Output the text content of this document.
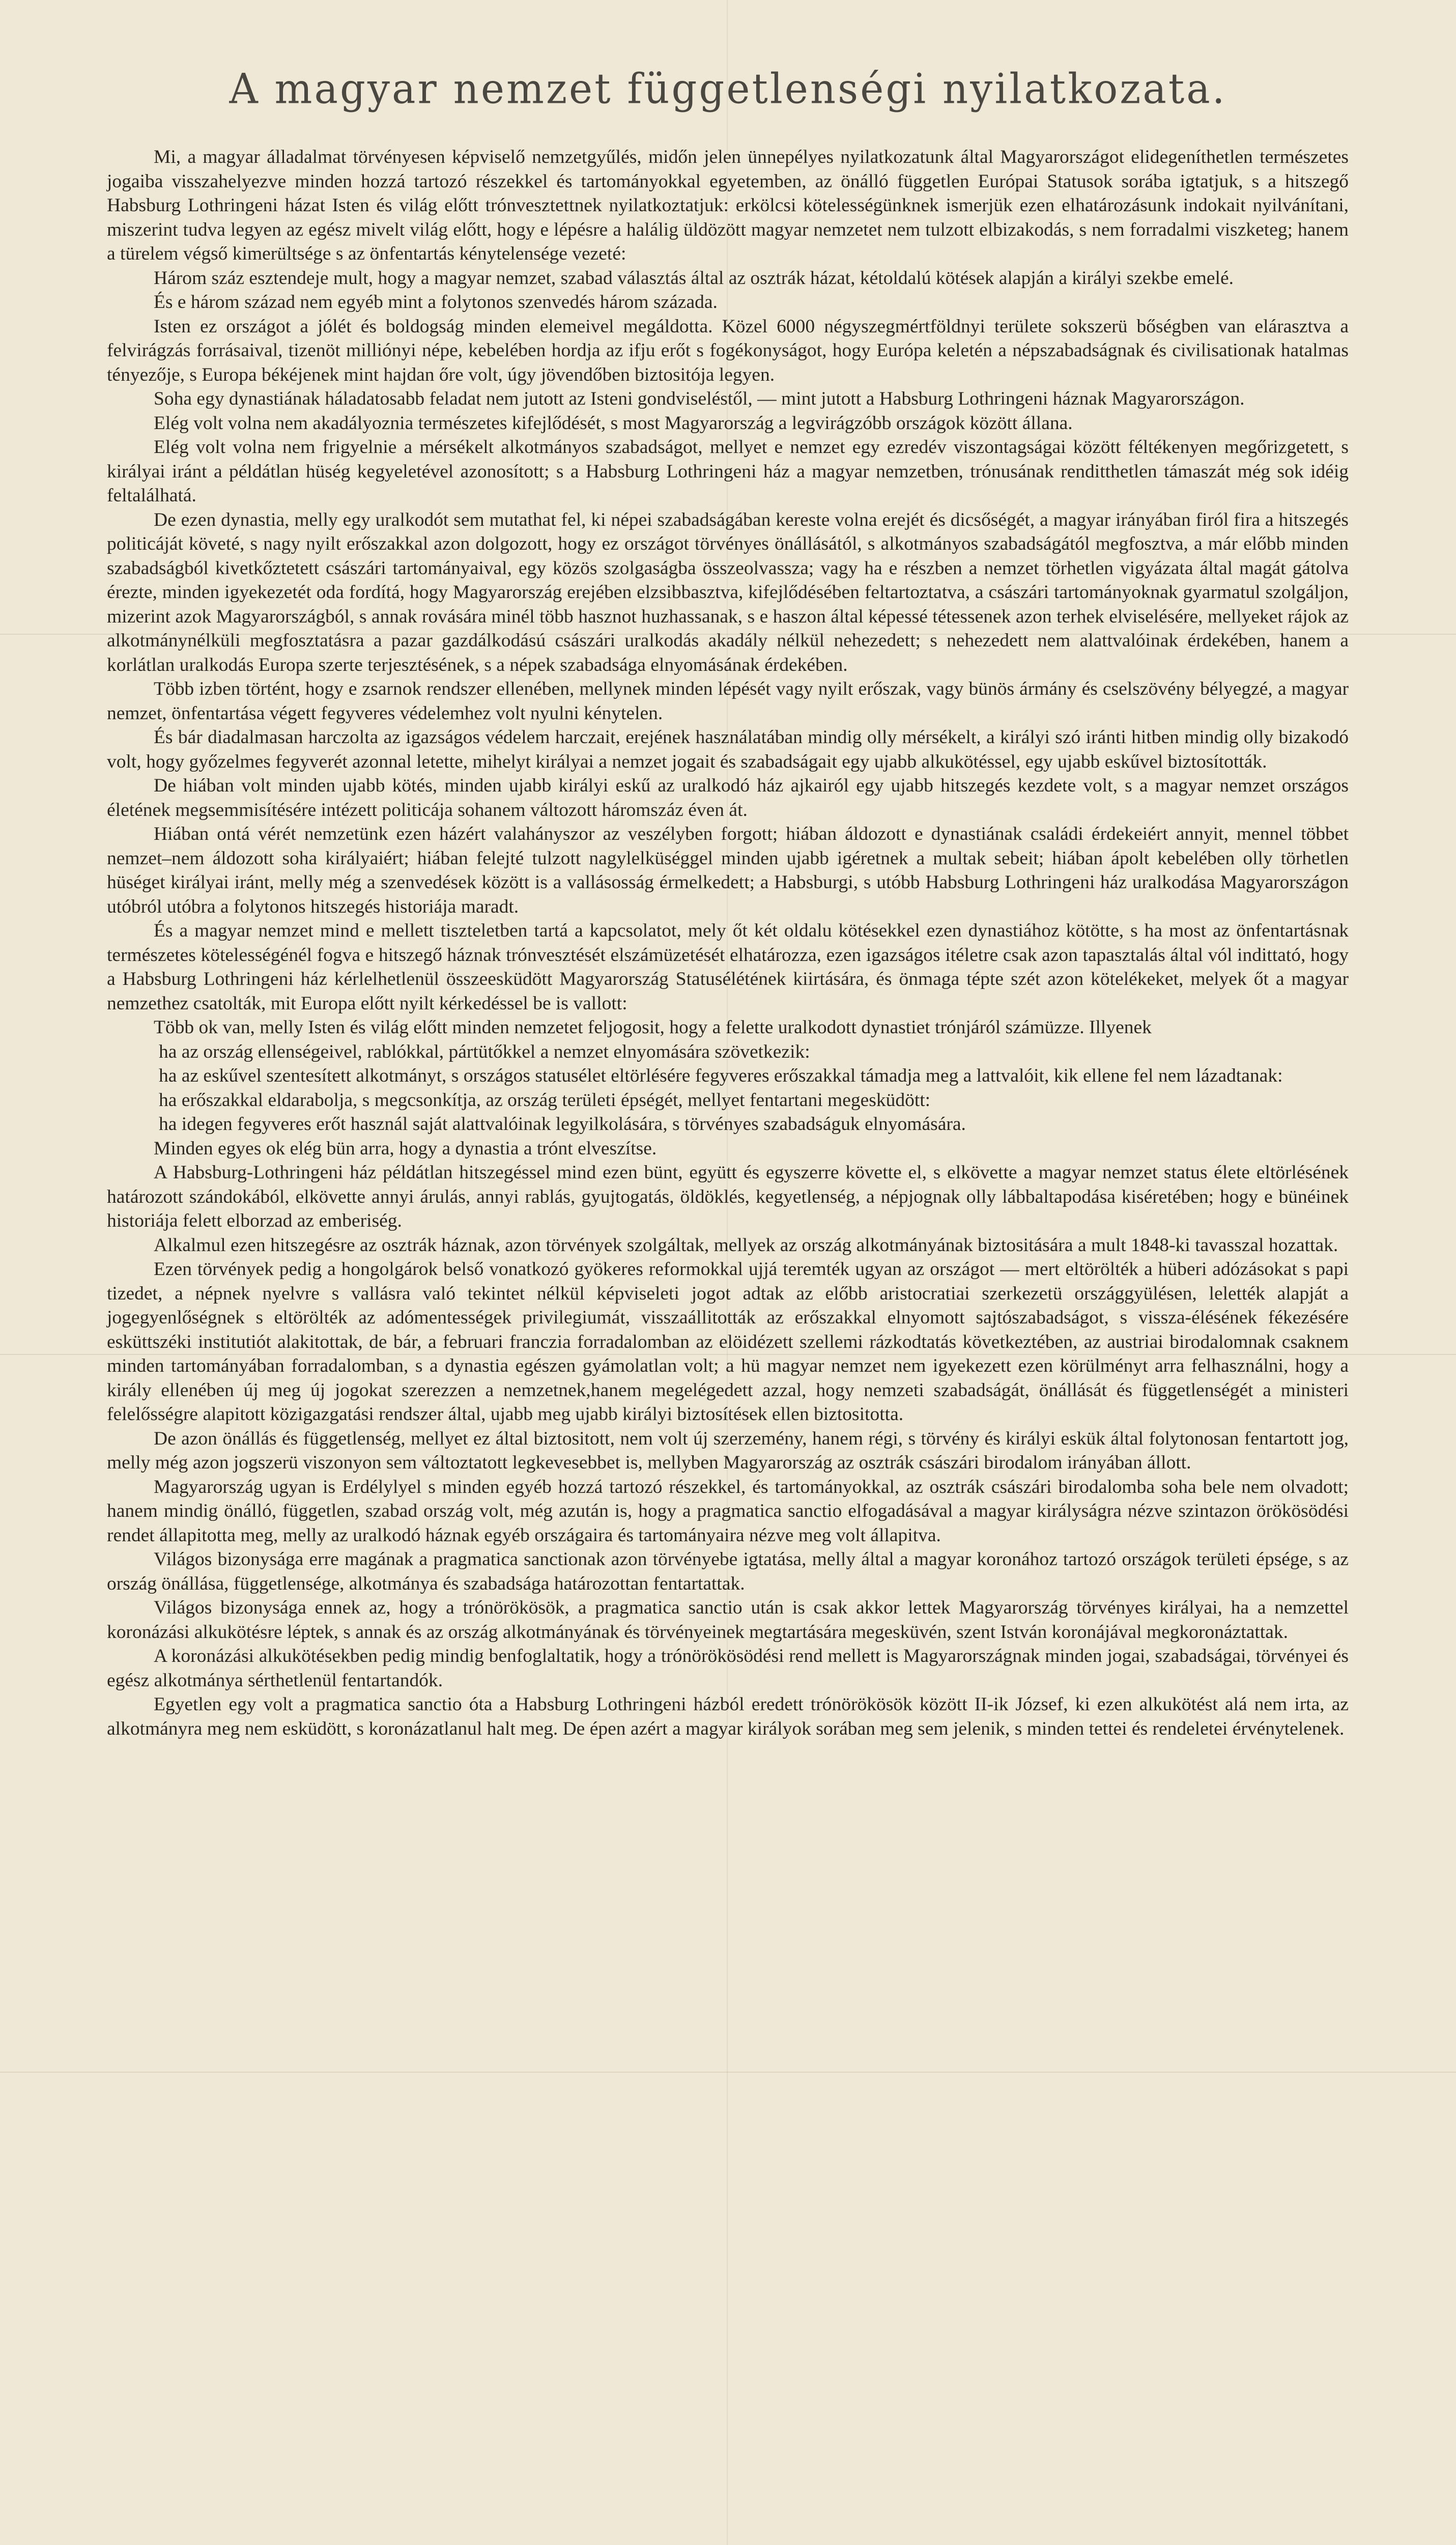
A magyar nemzet függetlenségi nyilatkozata.

Mi, a magyar álladalmat törvényesen képviselő nemzetgyűlés, midőn jelen ünnepélyes nyilatkozatunk által Magyarországot elidegeníthetlen természetes jogaiba visszahelyezve minden hozzá tartozó részekkel és tartományokkal egyetemben, az önálló független Európai Statusok sorába igtatjuk, s a hitszegő Habsburg Lothringeni házat Isten és világ előtt trónvesztettnek nyilatkoztatjuk: erkölcsi kötelességünknek ismerjük ezen elhatározásunk indokait nyilvánítani, miszerint tudva legyen az egész mivelt világ előtt, hogy e lépésre a halálig üldözött magyar nemzetet nem tulzott elbizakodás, s nem forradalmi viszketeg; hanem a türelem végső kimerültsége s az önfentartás kénytelensége vezeté:

Három száz esztendeje mult, hogy a magyar nemzet, szabad választás által az osztrák házat, kétoldalú kötések alapján a királyi szekbe emelé.

És e három század nem egyéb mint a folytonos szenvedés három százada.

Isten ez országot a jólét és boldogság minden elemeivel megáldotta. Közel 6000 négyszegmértföldnyi területe sokszerü bőségben van elárasztva a felvirágzás forrásaival, tizenöt milliónyi népe, kebelében hordja az ifju erőt s fogékonyságot, hogy Európa keletén a népszabadságnak és civilisationak hatalmas tényezője, s Europa békéjenek mint hajdan őre volt, úgy jövendőben biztositója legyen.

Soha egy dynastiának háladatosabb feladat nem jutott az Isteni gondviseléstől, — mint jutott a Habsburg Lothringeni háznak Magyarországon.

Elég volt volna nem akadályoznia természetes kifejlődését, s most Magyarország a legvirágzóbb országok között állana.

Elég volt volna nem frigyelnie a mérsékelt alkotmányos szabadságot, mellyet e nemzet egy ezredév viszontagságai között féltékenyen megőrizgetett, s királyai iránt a példátlan hüség kegyeletével azonosított; s a Habsburg Lothringeni ház a magyar nemzetben, trónusának renditthetlen támaszát még sok idéig feltalálhatá.

De ezen dynastia, melly egy uralkodót sem mutathat fel, ki népei szabadságában kereste volna erejét és dicsőségét, a magyar irányában firól fira a hitszegés politicáját követé, s nagy nyilt erőszakkal azon dolgozott, hogy ez országot törvényes önállásától, s alkotmányos szabadságától megfosztva, a már előbb minden szabadságból kivetkőztetett császári tartományaival, egy közös szolgaságba összeolvassza; vagy ha e részben a nemzet törhetlen vigyázata által magát gátolva érezte, minden igyekezetét oda fordítá, hogy Magyarország erejében elzsibbasztva, kifejlődésében feltartoztatva, a császári tartományoknak gyarmatul szolgáljon, mizerint azok Magyarországból, s annak rovására minél több hasznot huzhassanak, s e haszon által képessé tétessenek azon terhek elviselésére, mellyeket rájok az alkotmánynélküli megfosztatásra a pazar gazdálkodású császári uralkodás akadály nélkül nehezedett; s nehezedett nem alattvalóinak érdekében, hanem a korlátlan uralkodás Europa szerte terjesztésének, s a népek szabadsága elnyomásának érdekében.

Több izben történt, hogy e zsarnok rendszer ellenében, mellynek minden lépését vagy nyilt erőszak, vagy bünös ármány és cselszövény bélyegzé, a magyar nemzet, önfentartása végett fegyveres védelemhez volt nyulni kénytelen.

És bár diadalmasan harczolta az igazságos védelem harczait, erejének használatában mindig olly mérsékelt, a királyi szó iránti hitben mindig olly bizakodó volt, hogy győzelmes fegyverét azonnal letette, mihelyt királyai a nemzet jogait és szabadságait egy ujabb alkukötéssel, egy ujabb eskűvel biztosították.

De hiában volt minden ujabb kötés, minden ujabb királyi eskű az uralkodó ház ajkairól egy ujabb hitszegés kezdete volt, s a magyar nemzet országos életének megsemmisítésére intézett politicája sohanem változott háromszáz éven át.

Hiában ontá vérét nemzetünk ezen házért valahányszor az veszélyben forgott; hiában áldozott e dynastiának családi érdekeiért annyit, mennel többet nemzet–nem áldozott soha királyaiért; hiában felejté tulzott nagylelküséggel minden ujabb igéretnek a multak sebeit; hiában ápolt kebelében olly törhetlen hüséget királyai iránt, melly még a szenvedések között is a vallásosság érmelkedett; a Habsburgi, s utóbb Habsburg Lothringeni ház uralkodása Magyarországon utóbról utóbra a folytonos hitszegés historiája maradt.

És a magyar nemzet mind e mellett tiszteletben tartá a kapcsolatot, mely őt két oldalu kötésekkel ezen dynastiához kötötte, s ha most az önfentartásnak természetes kötelességénél fogva e hitszegő háznak trónvesztését elszámüzetését elhatározza, ezen igazságos itéletre csak azon tapasztalás által vól indittató, hogy a Habsburg Lothringeni ház kérlelhetlenül összeesküdött Magyarország Statusélétének kiirtására, és önmaga tépte szét azon kötelékeket, melyek őt a magyar nemzethez csatolták, mit Europa előtt nyilt kérkedéssel be is vallott:

Több ok van, melly Isten és világ előtt minden nemzetet feljogosit, hogy a felette uralkodott dynastiet trónjáról számüzze. Illyenek

ha az ország ellenségeivel, rablókkal, pártütőkkel a nemzet elnyomására szövetkezik:

ha az eskűvel szentesített alkotmányt, s országos statusélet eltörlésére fegyveres erőszakkal támadja meg a lattvalóit, kik ellene fel nem lázadtanak:

ha erőszakkal eldarabolja, s megcsonkítja, az ország területi épségét, mellyet fentartani megesküdött:

ha idegen fegyveres erőt használ saját alattvalóinak legyilkolására, s törvényes szabadságuk elnyomására.

Minden egyes ok elég bün arra, hogy a dynastia a trónt elveszítse.

A Habsburg-Lothringeni ház példátlan hitszegéssel mind ezen bünt, együtt és egyszerre követte el, s elkövette a magyar nemzet status élete eltörlésének határozott szándokából, elkövette annyi árulás, annyi rablás, gyujtogatás, öldöklés, kegyetlenség, a népjognak olly lábbaltapodása kiséretében; hogy e bünéinek historiája felett elborzad az emberiség.

Alkalmul ezen hitszegésre az osztrák háznak, azon törvények szolgáltak, mellyek az ország alkotmányának biztositására a mult 1848-ki tavasszal hozattak.

Ezen törvények pedig a hongolgárok belső vonatkozó gyökeres reformokkal ujjá teremték ugyan az országot — mert eltörölték a hüberi adózásokat s papi tizedet, a népnek nyelvre s vallásra való tekintet nélkül képviseleti jogot adtak az előbb aristocratiai szerkezetü országgyülésen, lelették alapját a jogegyenlőségnek s eltörölték az adómentességek privilegiumát, visszaállitották az erőszakkal elnyomott sajtószabadságot, s vissza-élésének fékezésére esküttszéki institutiót alakitottak, de bár, a februari franczia forradalomban az elöidézett szellemi rázkodtatás következtében, az austriai birodalomnak csaknem minden tartományában forradalomban, s a dynastia egészen gyámolatlan volt; a hü magyar nemzet nem igyekezett ezen körülményt arra felhasználni, hogy a király ellenében új meg új jogokat szerezzen a nemzetnek,hanem megelégedett azzal, hogy nemzeti szabadságát, önállását és függetlenségét a ministeri felelősségre alapitott közigazgatási rendszer által, ujabb meg ujabb királyi biztosítések ellen biztositotta.

De azon önállás és függetlenség, mellyet ez által biztositott, nem volt új szerzemény, hanem régi, s törvény és királyi eskük által folytonosan fentartott jog, melly még azon jogszerü viszonyon sem változtatott legkevesebbet is, mellyben Magyarország az osztrák császári birodalom irányában állott.

Magyarország ugyan is Erdélylyel s minden egyéb hozzá tartozó részekkel, és tartományokkal, az osztrák császári birodalomba soha bele nem olvadott; hanem mindig önálló, független, szabad ország volt, még azután is, hogy a pragmatica sanctio elfogadásával a magyar királyságra nézve szintazon örökösödési rendet állapitotta meg, melly az uralkodó háznak egyéb országaira és tartományaira nézve meg volt állapitva.

Világos bizonysága erre magának a pragmatica sanctionak azon törvényebe igtatása, melly által a magyar koronához tartozó országok területi épsége, s az ország önállása, függetlensége, alkotmánya és szabadsága határozottan fentartattak.

Világos bizonysága ennek az, hogy a trónörökösök, a pragmatica sanctio után is csak akkor lettek Magyarország törvényes királyai, ha a nemzettel koronázási alkukötésre léptek, s annak és az ország alkotmányának és törvényeinek megtartására megesküvén, szent István koronájával megkoronáztattak.

A koronázási alkukötésekben pedig mindig benfoglaltatik, hogy a trónörökösödési rend mellett is Magyarországnak minden jogai, szabadságai, törvényei és egész alkotmánya sérthetlenül fentartandók.

Egyetlen egy volt a pragmatica sanctio óta a Habsburg Lothringeni házból eredett trónörökösök között II-ik József, ki ezen alkukötést alá nem irta, az alkotmányra meg nem esküdött, s koronázatlanul halt meg. De épen azért a magyar királyok sorában meg sem jelenik, s minden tettei és rendeletei érvénytelenek.
